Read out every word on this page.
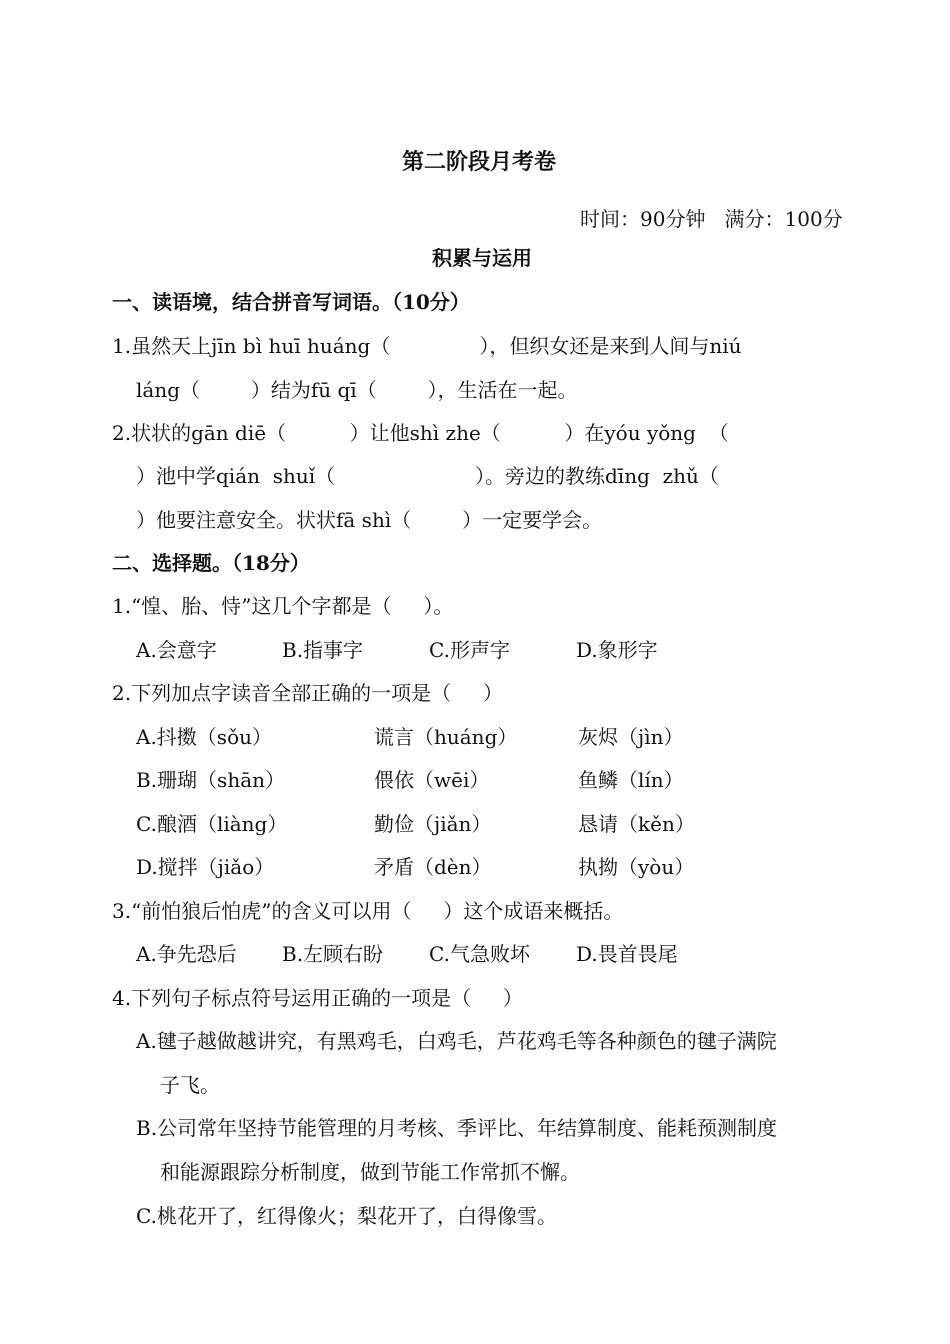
第二阶段月考卷
时间：90分钟   满分：100分
积累与运用
一、读语境，结合拼音写词语。（10分）
1.虽然天上jīn bì huī huáng（              ），但织女还是来到人间与niú
láng（        ）结为fū qī（        ），生活在一起。
2.状状的gān diē（          ）让他shì zhe（          ）在yóu yǒng  （
）池中学qián  shuǐ（                      ）。旁边的教练dīng  zhǔ（
）他要注意安全。状状fā shì（        ）一定要学会。
二、选择题。（18分）
1.“惶、胎、恃”这几个字都是（     ）。
A.会意字	B.指事字	C.形声字	D.象形字
2.下列加点字读音全部正确的一项是（     ）
A.抖擞（sǒu）	谎言（huáng）	灰烬（jìn）
B.珊瑚（shān）	偎依（wēi）	鱼鳞（lín）
C.酿酒（liàng）	勤俭（jiǎn）	恳请（kěn）
D.搅拌（jiǎo）	矛盾（dèn）	执拗（yòu）
3.“前怕狼后怕虎”的含义可以用（     ）这个成语来概括。
A.争先恐后 B.左顾右盼 C.气急败坏 D.畏首畏尾
4.下列句子标点符号运用正确的一项是（     ）
A.毽子越做越讲究，有黑鸡毛，白鸡毛，芦花鸡毛等各种颜色的毽子满院
子飞。
B.公司常年坚持节能管理的月考核、季评比、年结算制度、能耗预测制度
和能源跟踪分析制度，做到节能工作常抓不懈。
C.桃花开了，红得像火；梨花开了，白得像雪。
